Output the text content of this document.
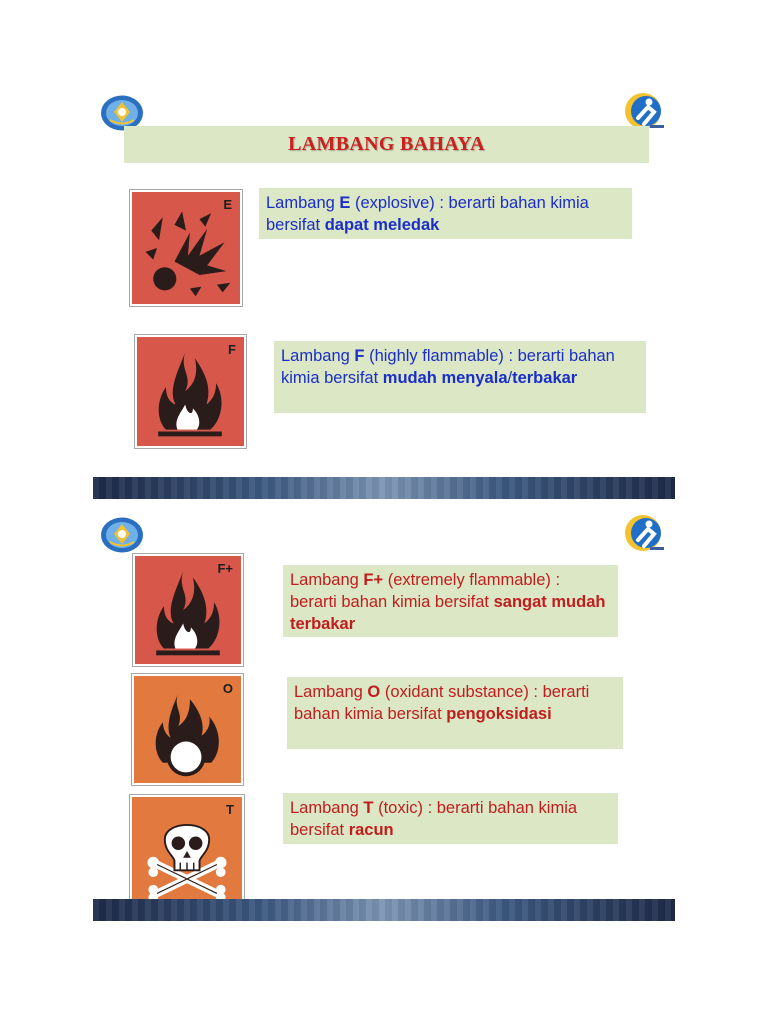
LAMBANG BAHAYA
E	Lambang E (explosive) : berarti bahan kimia bersifat dapat meledak
F	Lambang F (highly flammable) : berarti bahan kimia bersifat mudah menyala/terbakar
F+
Lambang F+ (extremely flammable) : berarti bahan kimia bersifat sangat mudah terbakar
O	Lambang O (oxidant substance) : berarti bahan kimia bersifat pengoksidasi
T	Lambang T (toxic) : berarti bahan kimia bersifat racun
